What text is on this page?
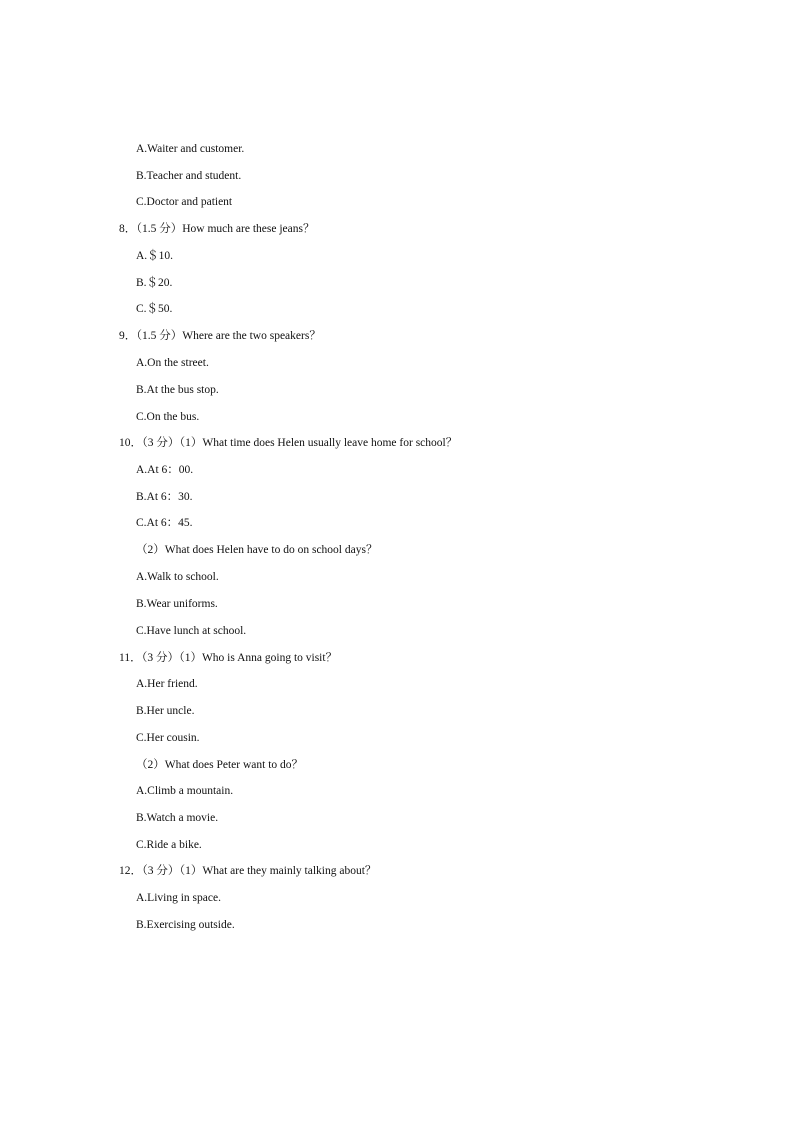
A.Waiter and customer.
B.Teacher and student.
C.Doctor and patient
8．（1.5 分）How much are these jeans？
A.＄10.
B.＄20.
C.＄50.
9．（1.5 分）Where are the two speakers？
A.On the street.
B.At the bus stop.
C.On the bus.
10．（3 分）（1）What time does Helen usually leave home for school？
A.At 6：00.
B.At 6：30.
C.At 6：45.
（2）What does Helen have to do on school days？
A.Walk to school.
B.Wear uniforms.
C.Have lunch at school.
11．（3 分）（1）Who is Anna going to visit？
A.Her friend.
B.Her uncle.
C.Her cousin.
（2）What does Peter want to do？
A.Climb a mountain.
B.Watch a movie.
C.Ride a bike.
12．（3 分）（1）What are they mainly talking about？
A.Living in space.
B.Exercising outside.
